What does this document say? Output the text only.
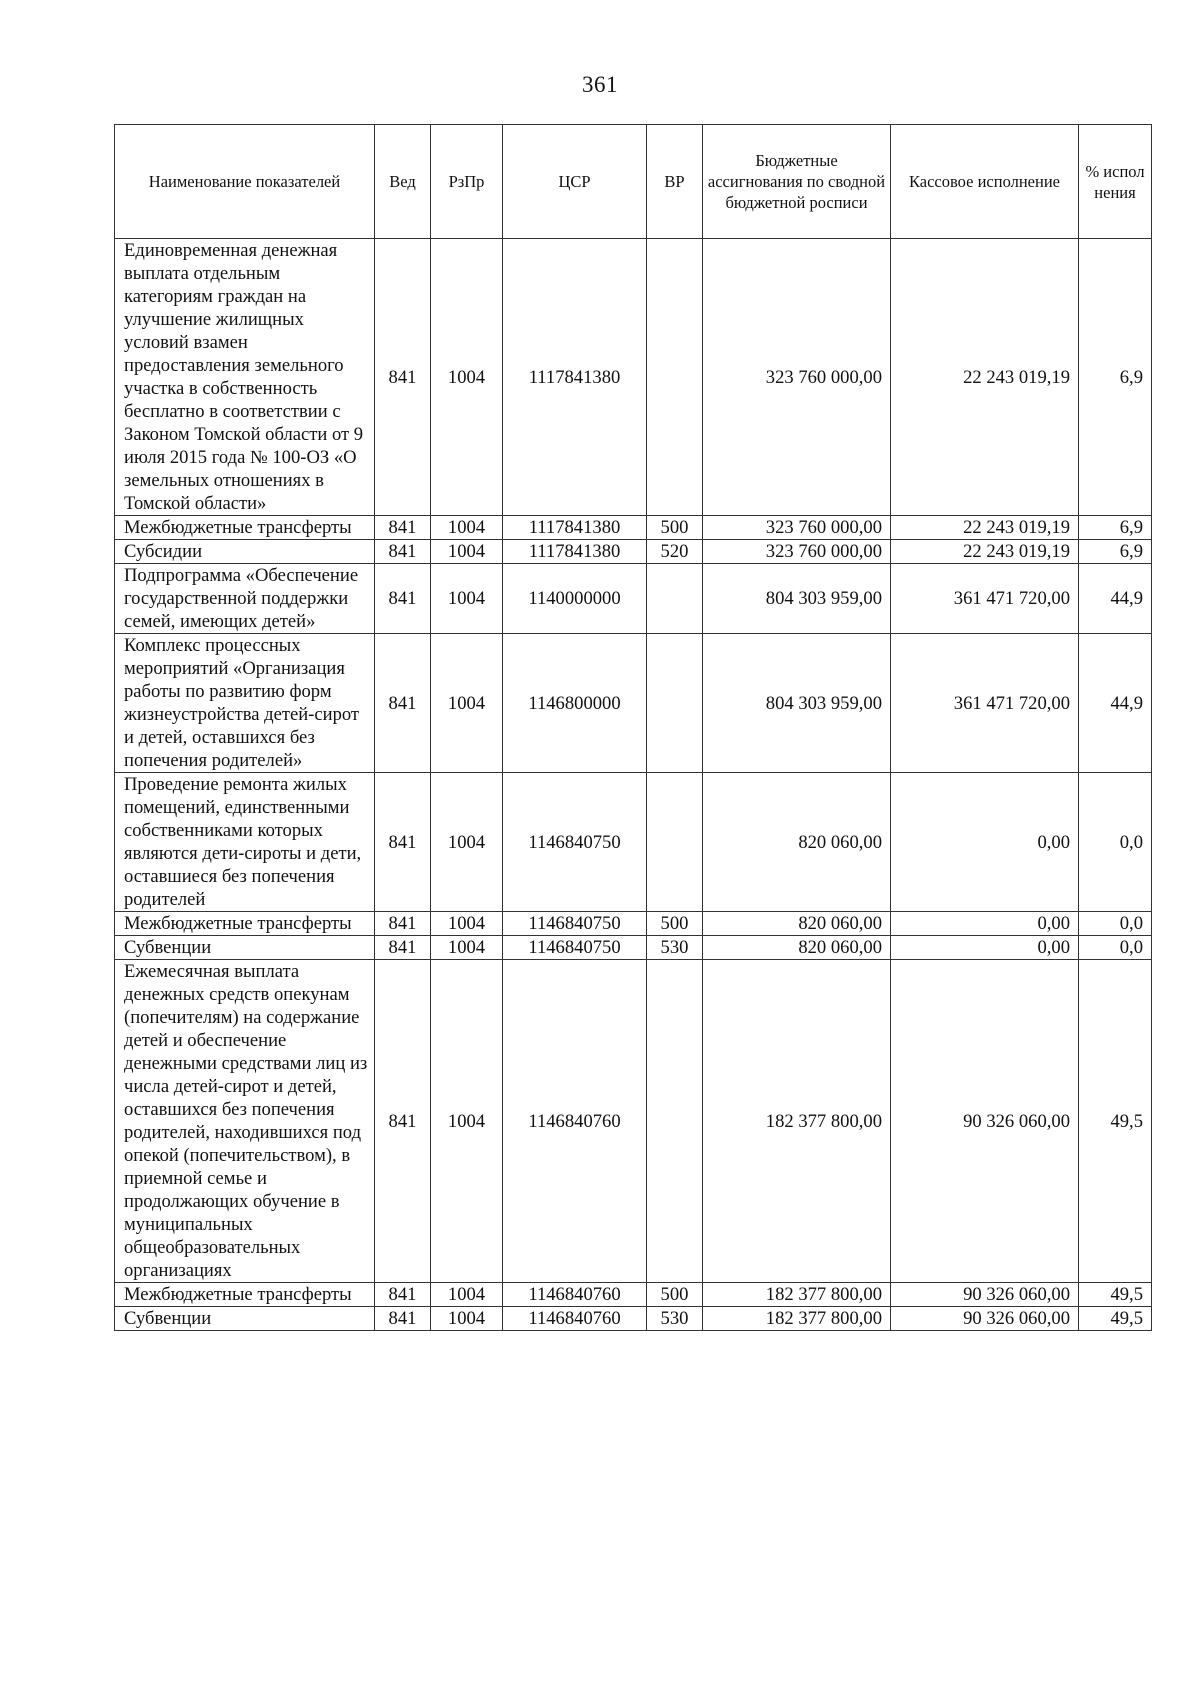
361
Наименование показателей	Вед	РзПр	ЦСР	ВР	Бюджетные ассигнования по сводной бюджетной росписи	Кассовое исполнение	% испол нения
Единовременная денежная выплата отдельным категориям граждан на улучшение жилищных условий взамен предоставления земельного участка в собственность бесплатно в соответствии с Законом Томской области от 9 июля 2015 года № 100-ОЗ «О земельных отношениях в Томской области»	841	1004	1117841380		323 760 000,00	22 243 019,19	6,9
Межбюджетные трансферты	841	1004	1117841380	500	323 760 000,00	22 243 019,19	6,9
Субсидии	841	1004	1117841380	520	323 760 000,00	22 243 019,19	6,9
Подпрограмма «Обеспечение государственной поддержки семей, имеющих детей»	841	1004	1140000000		804 303 959,00	361 471 720,00	44,9
Комплекс процессных мероприятий «Организация работы по развитию форм жизнеустройства детей-сирот и детей, оставшихся без попечения родителей»	841	1004	1146800000		804 303 959,00	361 471 720,00	44,9
Проведение ремонта жилых помещений, единственными собственниками которых являются дети-сироты и дети, оставшиеся без попечения родителей	841	1004	1146840750		820 060,00	0,00	0,0
Межбюджетные трансферты	841	1004	1146840750	500	820 060,00	0,00	0,0
Субвенции	841	1004	1146840750	530	820 060,00	0,00	0,0
Ежемесячная выплата денежных средств опекунам (попечителям) на содержание детей и обеспечение денежными средствами лиц из числа детей-сирот и детей, оставшихся без попечения родителей, находившихся под опекой (попечительством), в приемной семье и продолжающих обучение в муниципальных общеобразовательных организациях	841	1004	1146840760		182 377 800,00	90 326 060,00	49,5
Межбюджетные трансферты	841	1004	1146840760	500	182 377 800,00	90 326 060,00	49,5
Субвенции	841	1004	1146840760	530	182 377 800,00	90 326 060,00	49,5
